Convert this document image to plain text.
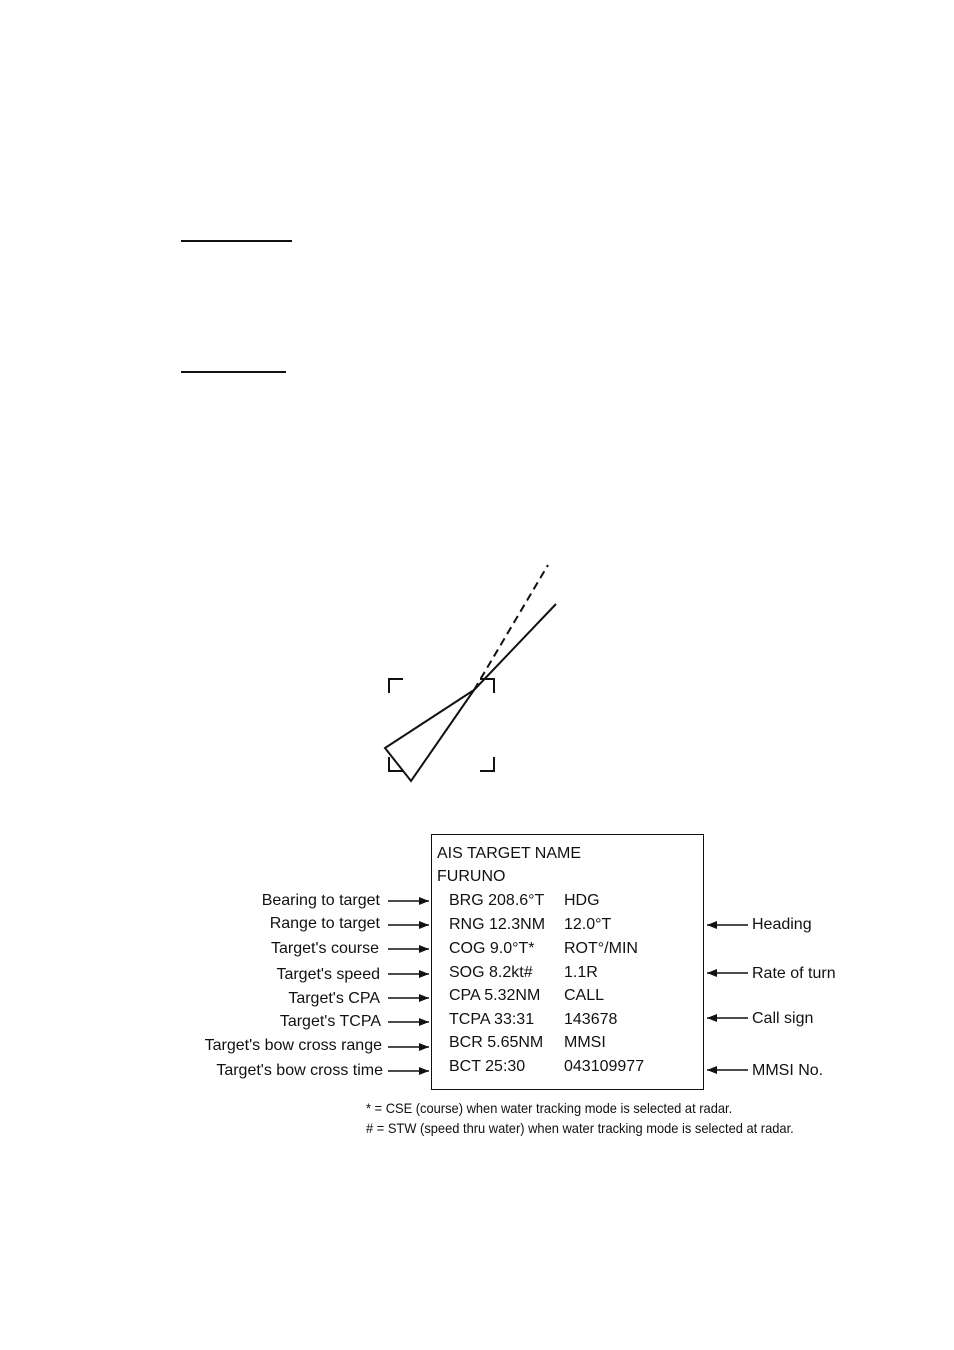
AIS TARGET NAME
FURUNO
BRG 208.6°T
RNG 12.3NM
COG 9.0°T*
SOG 8.2kt#
CPA 5.32NM
TCPA 33:31
BCR 5.65NM
BCT 25:30
HDG
12.0°T
ROT°/MIN
1.1R
CALL
143678
MMSI
043109977
Bearing to target
Range to target
Target's course
Target's speed
Target's CPA
Target's TCPA
Target's bow cross range
Target's bow cross time
Heading
Rate of turn
Call sign
MMSI No.
* = CSE (course) when water tracking mode is selected at radar.
# = STW (speed thru water) when water tracking mode is selected at radar.
